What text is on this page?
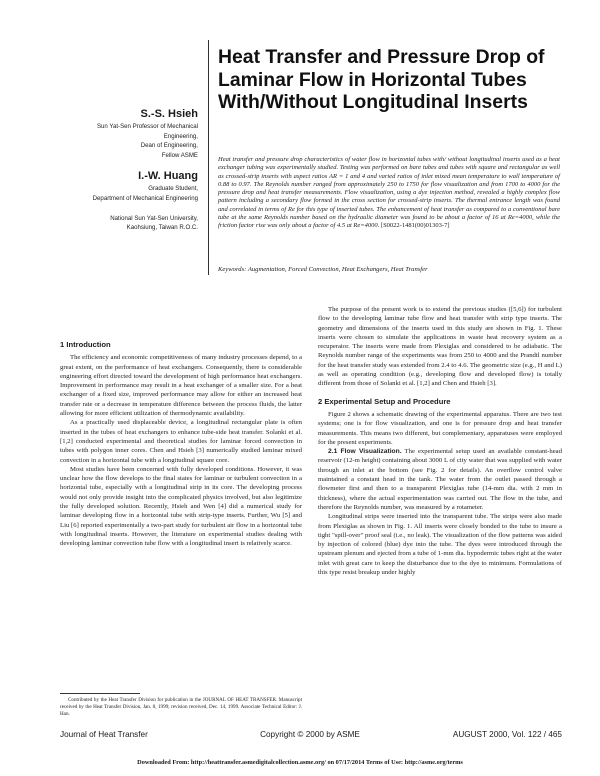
S.-S. Hsieh
Sun Yat-Sen Professor of Mechanical
Engineering,
Dean of Engineering,
Fellow ASME
I.-W. Huang
Graduate Student,
Department of Mechanical Engineering
National Sun Yat-Sen University,
Kaohsiung, Taiwan R.O.C.
Heat Transfer and Pressure Drop of Laminar Flow in Horizontal Tubes With/Without Longitudinal Inserts
Heat transfer and pressure drop characteristics of water flow in horizontal tubes with/ without longitudinal inserts used as a heat exchanger tubing was experimentally studied. Testing was performed on bare tubes and tubes with square and rectangular as well as crossed-strip inserts with aspect ratios AR = 1 and 4 and varied ratios of inlet mixed mean temperature to wall temperature of 0.88 to 0.97. The Reynolds number ranged from approximately 250 to 1750 for flow visualization and from 1700 to 4000 for the pressure drop and heat transfer measurements. Flow visualization, using a dye injection method, revealed a highly complex flow pattern including a secondary flow formed in the cross section for crossed-strip inserts. The thermal entrance length was found and correlated in terms of Re for this type of inserted tubes. The enhancement of heat transfer as compared to a conventional bare tube at the same Reynolds number based on the hydraulic diameter was found to be about a factor of 16 at Re=4000, while the friction factor rise was only about a factor of 4.5 at Re=4000. [S0022-1481(00)01303-7]
Keywords: Augmentation, Forced Convection, Heat Exchangers, Heat Transfer

1 Introduction

The efficiency and economic competitiveness of many industry processes depend, to a great extent, on the performance of heat exchangers. Consequently, there is considerable engineering effort directed toward the development of high performance heat exchangers. Improvement in performance may result in a heat exchanger of a smaller size. For a heat exchanger of a fixed size, improved performance may allow for either an increased heat transfer rate or a decrease in temperature difference between the process fluids, the latter allowing for more efficient utilization of thermodynamic availability.

As a practically used displaceable device, a longitudinal rectangular plate is often inserted in the tubes of heat exchangers to enhance tube-side heat transfer. Solanki et al. [1,2] conducted experimental and theoretical studies for laminar forced convection in tubes with polygon inner cores. Chen and Hsieh [3] numerically studied laminar mixed convection in a horizontal tube with a longitudinal square core.

Most studies have been concerned with fully developed conditions. However, it was unclear how the flow develops to the final states for laminar or turbulent convection in a horizontal tube, especially with a longitudinal strip in its core. The developing process would not only provide insight into the complicated physics involved, but also legitimize the fully developed solution. Recently, Hsieh and Wen [4] did a numerical study for laminar developing flow in a horizontal tube with strip-type inserts. Further, Wu [5] and Liu [6] reported experimentally a two-part study for turbulent air flow in a horizontal tube with longitudinal inserts. However, the literature on experimental studies dealing with developing laminar convection tube flow with a longitudinal insert is relatively scarce.

The purpose of the present work is to extend the previous studies ([5,6]) for turbulent flow to the developing laminar tube flow and heat transfer with strip type inserts. The geometry and dimensions of the inserts used in this study are shown in Fig. 1. These inserts were chosen to simulate the applications in waste heat recovery system as a recuperator. The inserts were made from Plexiglas and considered to be adiabatic. The Reynolds number range of the experiments was from 250 to 4000 and the Prandtl number for the heat transfer study was extended from 2.4 to 4.6. The geometric size (e.g., H and L) as well as operating condition (e.g., developing flow and developed flow) is totally different from those of Solanki et al. [1,2] and Chen and Hsieh [3].

2 Experimental Setup and Procedure

Figure 2 shows a schematic drawing of the experimental apparatus. There are two test systems; one is for flow visualization, and one is for pressure drop and heat transfer measurements. This means two different, but complementary, apparatuses were employed for the present experiments.

2.1 Flow Visualization. The experimental setup used an available constant-head reservoir (12-m height) containing about 3000 L of city water that was supplied with water through an inlet at the bottom (see Fig. 2 for details). An overflow control valve maintained a constant head in the tank. The water from the outlet passed through a flowmeter first and then to a transparent Plexiglas tube (14-mm dia. with 2 mm in thickness), where the actual experimentation was carried out. The flow in the tube, and therefore the Reynolds number, was measured by a rotameter.

Longitudinal strips were inserted into the transparent tube. The strips were also made from Plexiglas as shown in Fig. 1. All inserts were closely bonded to the tube to insure a tight "spill-over" proof seal (i.e., no leak). The visualization of the flow patterns was aided by injection of colored (blue) dye into the tube. The dyes were introduced through the upstream plenum and ejected from a tube of 1-mm dia. hypodermic tubes right at the water inlet with great care to keep the disturbance due to the dye to minimum. Formulations of this type resist breakup under highly

Contributed by the Heat Transfer Division for publication in the JOURNAL OF HEAT TRANSFER. Manuscript received by the Heat Transfer Division, Jan. 8, 1999; revision received, Dec. 14, 1999. Associate Technical Editor: J. Han.

Journal of Heat Transfer	Copyright © 2000 by ASME	AUGUST 2000, Vol. 122 / 465
Downloaded From: http://heattransfer.asmedigitalcollection.asme.org/ on 07/17/2014 Terms of Use: http://asme.org/terms
